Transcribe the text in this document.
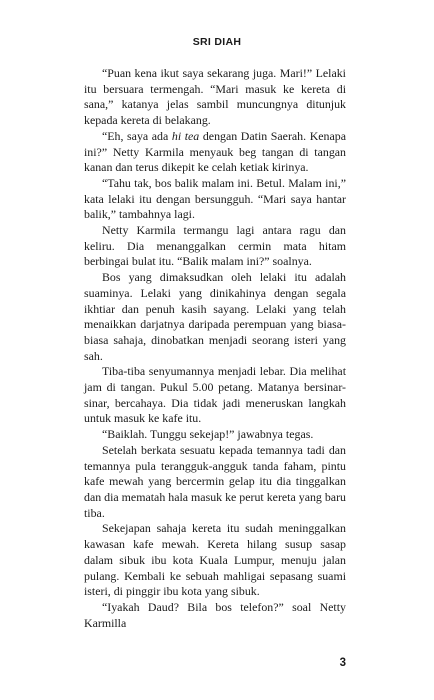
SRI DIAH

“Puan kena ikut saya sekarang juga. Mari!” Lelaki itu bersuara termengah. “Mari masuk ke kereta di sana,” katanya jelas sambil muncungnya ditunjuk kepada kereta di belakang.

“Eh, saya ada hi tea dengan Datin Saerah. Kenapa ini?” Netty Karmila menyauk beg tangan di tangan kanan dan terus dikepit ke celah ketiak kirinya.

“Tahu tak, bos balik malam ini. Betul. Malam ini,” kata lelaki itu dengan bersungguh. “Mari saya hantar balik,” tambahnya lagi.

Netty Karmila termangu lagi antara ragu dan keliru. Dia menanggalkan cermin mata hitam berbingai bulat itu. “Balik malam ini?” soalnya.

Bos yang dimaksudkan oleh lelaki itu adalah suaminya. Lelaki yang dinikahinya dengan segala ikhtiar dan penuh kasih sayang. Lelaki yang telah menaikkan darjatnya daripada perempuan yang biasa-biasa sahaja, dinobatkan menjadi seorang isteri yang sah.

Tiba-tiba senyumannya menjadi lebar. Dia melihat jam di tangan. Pukul 5.00 petang. Matanya bersinar-sinar, bercahaya. Dia tidak jadi meneruskan langkah untuk masuk ke kafe itu.

“Baiklah. Tunggu sekejap!” jawabnya tegas.

Setelah berkata sesuatu kepada temannya tadi dan temannya pula terangguk-angguk tanda faham, pintu kafe mewah yang bercermin gelap itu dia tinggalkan dan dia mematah hala masuk ke perut kereta yang baru tiba.

Sekejapan sahaja kereta itu sudah meninggalkan kawasan kafe mewah. Kereta hilang susup sasap dalam sibuk ibu kota Kuala Lumpur, menuju jalan pulang. Kembali ke sebuah mahligai sepasang suami isteri, di pinggir ibu kota yang sibuk.

“Iyakah Daud? Bila bos telefon?” soal Netty Karmilla

3
